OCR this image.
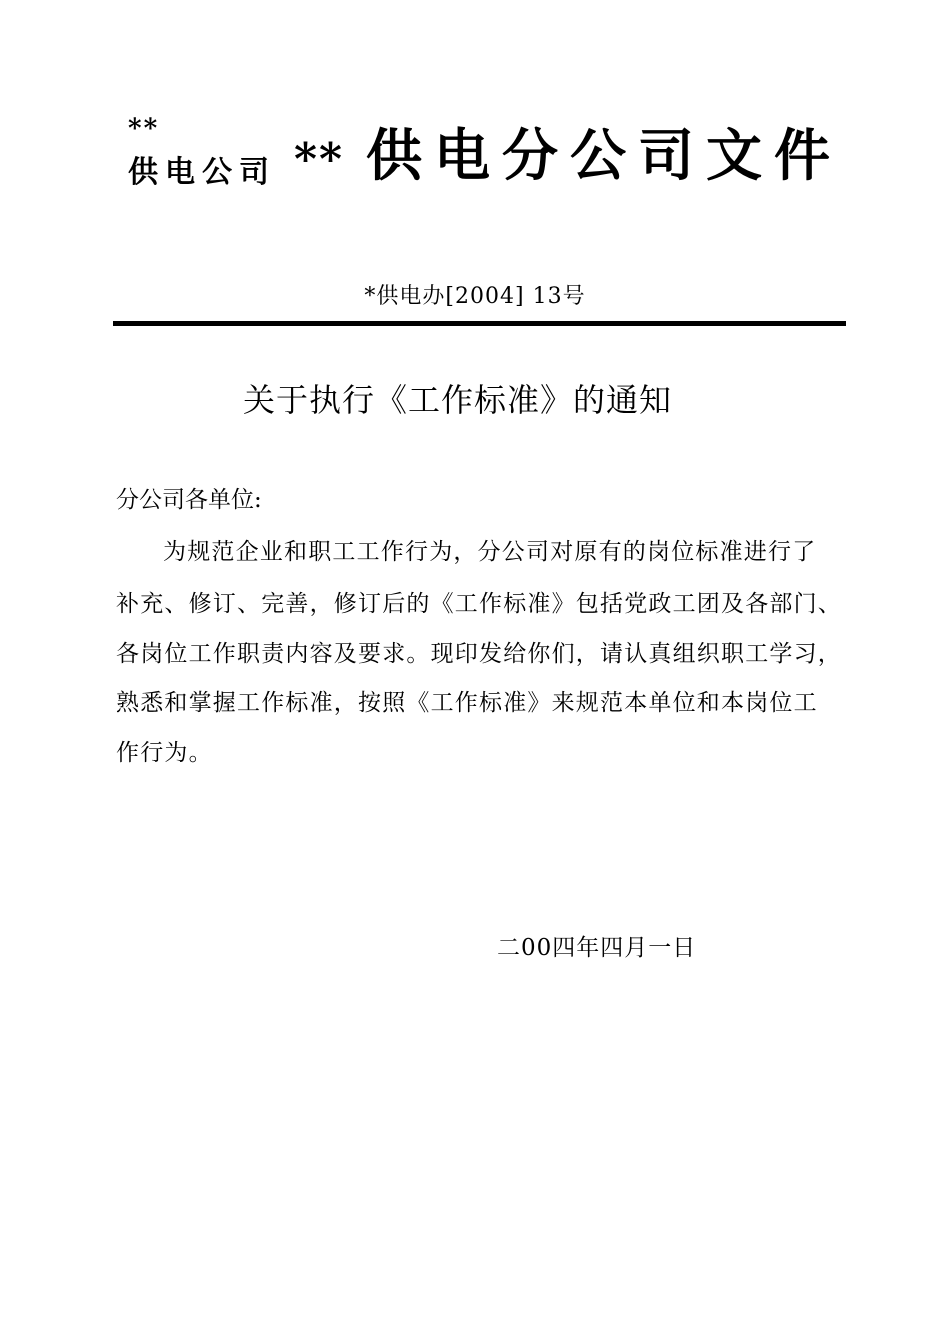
**
供电公司 ** 供电分公司文件
*供电办[2004] 13号
关于执行《工作标准》的通知
分公司各单位:
为规范企业和职工工作行为，分公司对原有的岗位标准进行了
补充、修订、完善，修订后的《工作标准》包括党政工团及各部门、
各岗位工作职责内容及要求。现印发给你们，请认真组织职工学习，
熟悉和掌握工作标准，按照《工作标准》来规范本单位和本岗位工
作行为。
二00四年四月一日
